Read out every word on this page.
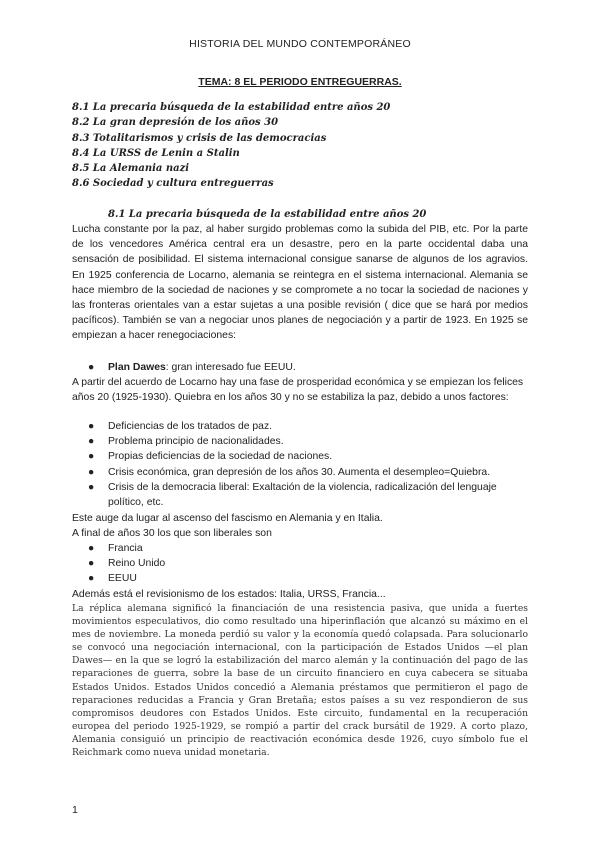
HISTORIA DEL MUNDO CONTEMPORÁNEO
TEMA: 8 EL PERIODO ENTREGUERRAS.
8.1 La precaria búsqueda de la estabilidad entre años 20
8.2 La gran depresión de los años 30
8.3 Totalitarismos y crisis de las democracias
8.4 La URSS de Lenin a Stalin
8.5 La Alemania nazi
8.6 Sociedad y cultura entreguerras
8.1 La precaria búsqueda de la estabilidad entre años 20

Lucha constante por la paz, al haber surgido problemas como la subida del PIB, etc. Por la parte de los vencedores América central era un desastre, pero en la parte occidental daba una sensación de posibilidad. El sistema internacional consigue sanarse de algunos de los agravios. En 1925 conferencia de Locarno, alemania se reintegra en el sistema internacional. Alemania se hace miembro de la sociedad de naciones y se compromete a no tocar la sociedad de naciones y las fronteras orientales van a estar sujetas a una posible revisión ( dice que se hará por medios pacíficos). También se van a negociar unos planes de negociación y a partir de 1923. En 1925 se empiezan a hacer renegociaciones:

● Plan Dawes: gran interesado fue EEUU.

A partir del acuerdo de Locarno hay una fase de prosperidad económica y se empiezan los felices años 20 (1925-1930). Quiebra en los años 30 y no se estabiliza la paz, debido a unos factores:

● Deficiencias de los tratados de paz.
● Problema principio de nacionalidades.
● Propias deficiencias de la sociedad de naciones.
● Crisis económica, gran depresión de los años 30. Aumenta el desempleo=Quiebra.
● Crisis de la democracia liberal: Exaltación de la violencia, radicalización del lenguaje político, etc.

Este auge da lugar al ascenso del fascismo en Alemania y en Italia.

A final de años 30 los que son liberales son

● Francia
● Reino Unido
● EEUU

Además está el revisionismo de los estados: Italia, URSS, Francia...

La réplica alemana significó la financiación de una resistencia pasiva, que unida a fuertes movimientos especulativos, dio como resultado una hiperinflación que alcanzó su máximo en el mes de noviembre. La moneda perdió su valor y la economía quedó colapsada. Para solucionarlo se convocó una negociación internacional, con la participación de Estados Unidos —el plan Dawes— en la que se logró la estabilización del marco alemán y la continuación del pago de las reparaciones de guerra, sobre la base de un circuito financiero en cuya cabecera se situaba Estados Unidos. Estados Unidos concedió a Alemania préstamos que permitieron el pago de reparaciones reducidas a Francia y Gran Bretaña; estos países a su vez respondieron de sus compromisos deudores con Estados Unidos. Este circuito, fundamental en la recuperación europea del periodo 1925-1929, se rompió a partir del crack bursátil de 1929. A corto plazo, Alemania consiguió un principio de reactivación económica desde 1926, cuyo símbolo fue el Reichmark como nueva unidad monetaria.

1
